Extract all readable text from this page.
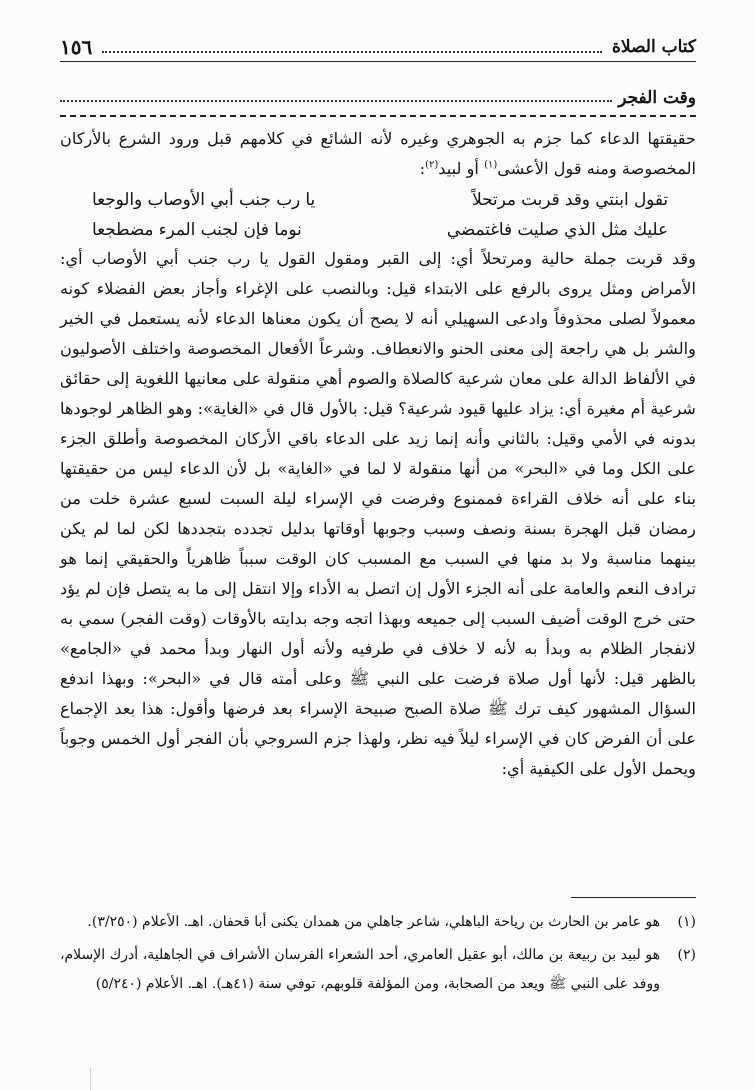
كتاب الصلاة
١٥٦
وقت الفجر

حقيقتها الدعاء كما جزم به الجوهري وغيره لأنه الشائع في كلامهم قبل ورود الشرع بالأركان المخصوصة ومنه قول الأعشى$^{(١)}$ أو لبيد$^{(٢)}$:

تقول ابنتي وقد قربت مرتحلاً
يا رب جنب أبي الأوصاب والوجعا

عليك مثل الذي صليت فاغتمضي
نوما فإن لجنب المرء مضطجعا

وقد قربت جملة حالية ومرتحلاً أي: إلى القبر ومقول القول يا رب جنب أبي الأوصاب أي: الأمراض ومثل يروى بالرفع على الابتداء قيل: وبالنصب على الإغراء وأجاز بعض الفضلاء كونه معمولاً لصلى محذوفاً وادعى السهيلي أنه لا يصح أن يكون معناها الدعاء لأنه يستعمل في الخير والشر بل هي راجعة إلى معنى الحنو والانعطاف. وشرعاً الأفعال المخصوصة واختلف الأصوليون في الألفاظ الدالة على معان شرعية كالصلاة والصوم أهي منقولة على معانيها اللغوية إلى حقائق شرعية أم مغيرة أي: يزاد عليها قيود شرعية؟ قيل: بالأول قال في «الغاية»: وهو الظاهر لوجودها بدونه في الأمي وقيل: بالثاني وأنه إنما زيد على الدعاء باقي الأركان المخصوصة وأطلق الجزء على الكل وما في «البحر» من أنها منقولة لا لما في «الغاية» بل لأن الدعاء ليس من حقيقتها بناء على أنه خلاف القراءة فممنوع وفرضت في الإسراء ليلة السبت لسبع عشرة خلت من رمضان قبل الهجرة بسنة ونصف وسبب وجوبها أوقاتها بدليل تجدده بتجددها لكن لما لم يكن بينهما مناسبة ولا بد منها في السبب مع المسبب كان الوقت سبباً ظاهرياً والحقيقي إنما هو ترادف النعم والعامة على أنه الجزء الأول إن اتصل به الأداء وإلا انتقل إلى ما به يتصل فإن لم يؤد حتى خرج الوقت أضيف السبب إلى جميعه وبهذا اتجه وجه بدايته بالأوقات (وقت الفجر) سمي به لانفجار الظلام به وبدأ به لأنه لا خلاف في طرفيه ولأنه أول النهار وبدأ محمد في «الجامع» بالظهر قيل: لأنها أول صلاة فرضت على النبي ﷺ وعلى أمته قال في «البحر»: وبهذا اندفع السؤال المشهور كيف ترك ﷺ صلاة الصبح صبيحة الإسراء بعد فرضها وأقول: هذا بعد الإجماع على أن الفرض كان في الإسراء ليلاً فيه نظر، ولهذا جزم السروجي بأن الفجر أول الخمس وجوباً ويحمل الأول على الكيفية أي:

(١)
هو عامر بن الحارث بن رياحة الباهلي، شاعر جاهلي من همدان يكنى أبا قحفان. اهـ. الأعلام (٣/٢٥٠).
(٢)
هو لبيد بن ربيعة بن مالك، أبو عقيل العامري، أحد الشعراء الفرسان الأشراف في الجاهلية، أدرك الإسلام، ووفد على النبي ﷺ ويعد من الصحابة، ومن المؤلفة قلوبهم، توفي سنة (٤١هـ). اهـ. الأعلام (٥/٢٤٠)
